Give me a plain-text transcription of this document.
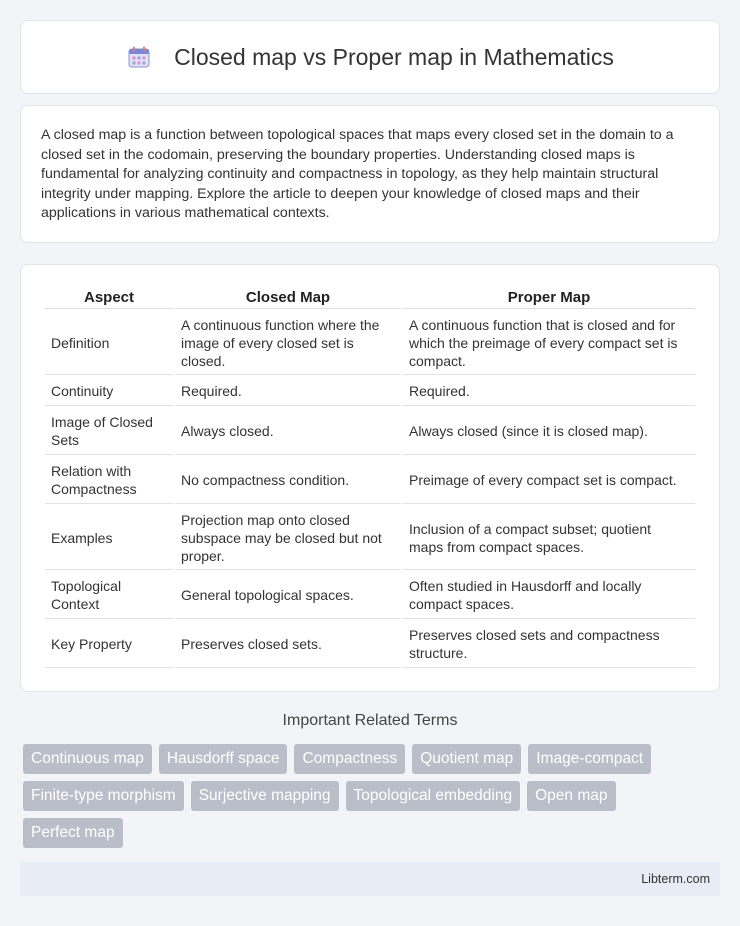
Closed map vs Proper map in Mathematics

A closed map is a function between topological spaces that maps every closed set in the domain to a closed set in the codomain, preserving the boundary properties. Understanding closed maps is fundamental for analyzing continuity and compactness in topology, as they help maintain structural integrity under mapping. Explore the article to deepen your knowledge of closed maps and their applications in various mathematical contexts.

Aspect	Closed Map	Proper Map
Definition	A continuous function where the image of every closed set is closed.	A continuous function that is closed and for which the preimage of every compact set is compact.
Continuity	Required.	Required.
Image of Closed Sets	Always closed.	Always closed (since it is closed map).
Relation with Compactness	No compactness condition.	Preimage of every compact set is compact.
Examples	Projection map onto closed subspace may be closed but not proper.	Inclusion of a compact subset; quotient maps from compact spaces.
Topological Context	General topological spaces.	Often studied in Hausdorff and locally compact spaces.
Key Property	Preserves closed sets.	Preserves closed sets and compactness structure.
Important Related Terms
Continuous map	Hausdorff space	Compactness	Quotient map	Image-compact
Finite-type morphism	Surjective mapping	Topological embedding	Open map
Perfect map
Libterm.com
